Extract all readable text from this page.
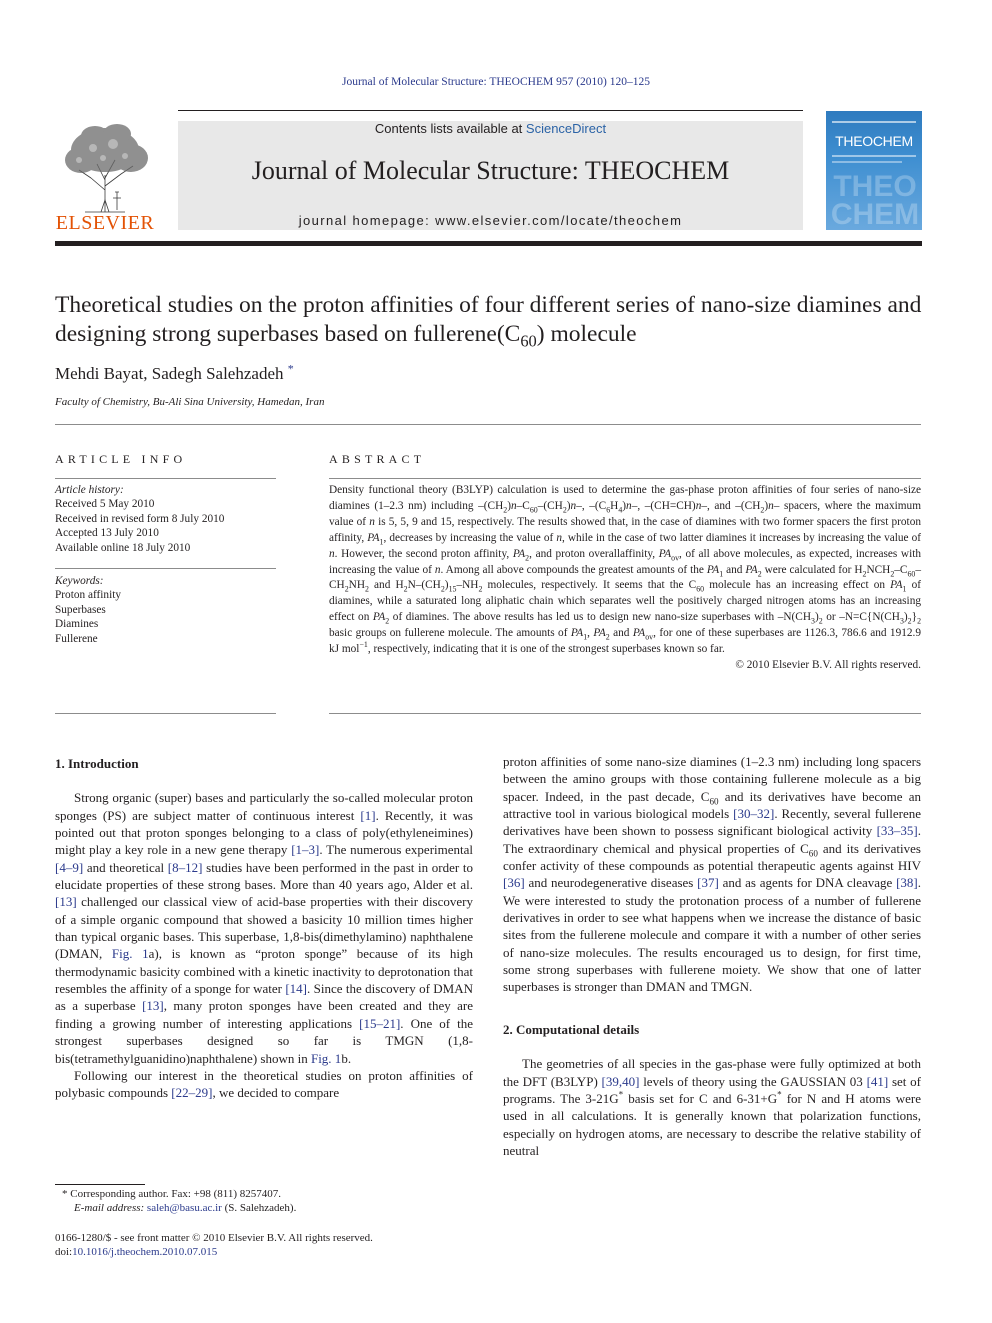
Journal of Molecular Structure: THEOCHEM 957 (2010) 120–125
ELSEVIER
Contents lists available at ScienceDirect
Journal of Molecular Structure: THEOCHEM
journal homepage: www.elsevier.com/locate/theochem
THEOCHEM
THEO
CHEM
Theoretical studies on the proton affinities of four different series of nano-size diamines and designing strong superbases based on $fullerene(C_{60})$ molecule
Mehdi Bayat, Sadegh Salehzadeh *
Faculty of Chemistry, Bu-Ali Sina University, Hamedan, Iran
ARTICLE INFO
Article history:
Received 5 May 2010
Received in revised form 8 July 2010
Accepted 13 July 2010
Available online 18 July 2010
Keywords:
Proton affinity
Superbases
Diamines
Fullerene
ABSTRACT
Density functional theory (B3LYP) calculation is used to determine the gas-phase proton affinities of four series of nano-size diamines (1–2.3 nm) including $-(CH_2)n-C_{60}-(CH_2)n-$, $-(C_6H_4)n-$, –(CH=CH)n–, and $-(CH_2)n-$ spacers, where the maximum value of n is 5, 5, 9 and 15, respectively. The results showed that, in the case of diamines with two former spacers the first proton affinity, $PA_1$, decreases by increasing the value of n, while in the case of two latter diamines it increases by increasing the value of n. However, the second proton affinity, $PA_2$, and proton overallaffinity, $PA_{ov}$, of all above molecules, as expected, increases with increasing the value of n. Among all above compounds the greatest amounts of the $PA_1$ and $PA_2$ were calculated for $H_2NCH_2-C_{60}-CH_2NH_2$ and $H_2N-(CH_2)_{15}-NH_2$ molecules, respectively. It seems that the $C_{60}$ molecule has an increasing effect on $PA_1$ of diamines, while a saturated long aliphatic chain which separates well the positively charged nitrogen atoms has an increasing effect on $PA_2$ of diamines. The above results has led us to design new nano-size superbases with $-N(CH_3)_2$ or $-N=C\{N(CH_3)_2\}_2$ basic groups on fullerene molecule. The amounts of $PA_1$, $PA_2$ and $PA_{ov}$, for one of these superbases are 1126.3, 786.6 and 1912.9 kJ mol$^{-1}$, respectively, indicating that it is one of the strongest superbases known so far.
© 2010 Elsevier B.V. All rights reserved.
1. Introduction

Strong organic (super) bases and particularly the so-called molecular proton sponges (PS) are subject matter of continuous interest [1]. Recently, it was pointed out that proton sponges belonging to a class of poly(ethyleneimines) might play a key role in a new gene therapy [1–3]. The numerous experimental [4–9] and theoretical [8–12] studies have been performed in the past in order to elucidate properties of these strong bases. More than 40 years ago, Alder et al. [13] challenged our classical view of acid-base properties with their discovery of a simple organic compound that showed a basicity 10 million times higher than typical organic bases. This superbase, 1,8-bis(dimethylamino) naphthalene (DMAN, Fig. 1a), is known as “proton sponge” because of its high thermodynamic basicity combined with a kinetic inactivity to deprotonation that resembles the affinity of a sponge for water [14]. Since the discovery of DMAN as a superbase [13], many proton sponges have been created and they are finding a growing number of interesting applications [15–21]. One of the strongest superbases designed so far is TMGN (1,8-bis(tetramethylguanidino)naphthalene) shown in Fig. 1b.

Following our interest in the theoretical studies on proton affinities of polybasic compounds [22–29], we decided to compare

* Corresponding author. Fax: +98 (811) 8257407.
E-mail address: saleh@basu.ac.ir (S. Salehzadeh).
0166-1280/$ - see front matter © 2010 Elsevier B.V. All rights reserved.
doi:10.1016/j.theochem.2010.07.015

proton affinities of some nano-size diamines (1–2.3 nm) including long spacers between the amino groups with those containing fullerene molecule as a big spacer. Indeed, in the past decade, $C_{60}$ and its derivatives have become an attractive tool in various biological models [30–32]. Recently, several fullerene derivatives have been shown to possess significant biological activity [33–35]. The extraordinary chemical and physical properties of $C_{60}$ and its derivatives confer activity of these compounds as potential therapeutic agents against HIV [36] and neurodegenerative diseases [37] and as agents for DNA cleavage [38]. We were interested to study the protonation process of a number of fullerene derivatives in order to see what happens when we increase the distance of basic sites from the fullerene molecule and compare it with a number of other series of nano-size molecules. The results encouraged us to design, for first time, some strong superbases with fullerene moiety. We show that one of latter superbases is stronger than DMAN and TMGN.

2. Computational details

The geometries of all species in the gas-phase were fully optimized at both the DFT (B3LYP) [39,40] levels of theory using the GAUSSIAN 03 [41] set of programs. The 3-21G* basis set for C and 6-31+G* for N and H atoms were used in all calculations. It is generally known that polarization functions, especially on hydrogen atoms, are necessary to describe the relative stability of neutral
